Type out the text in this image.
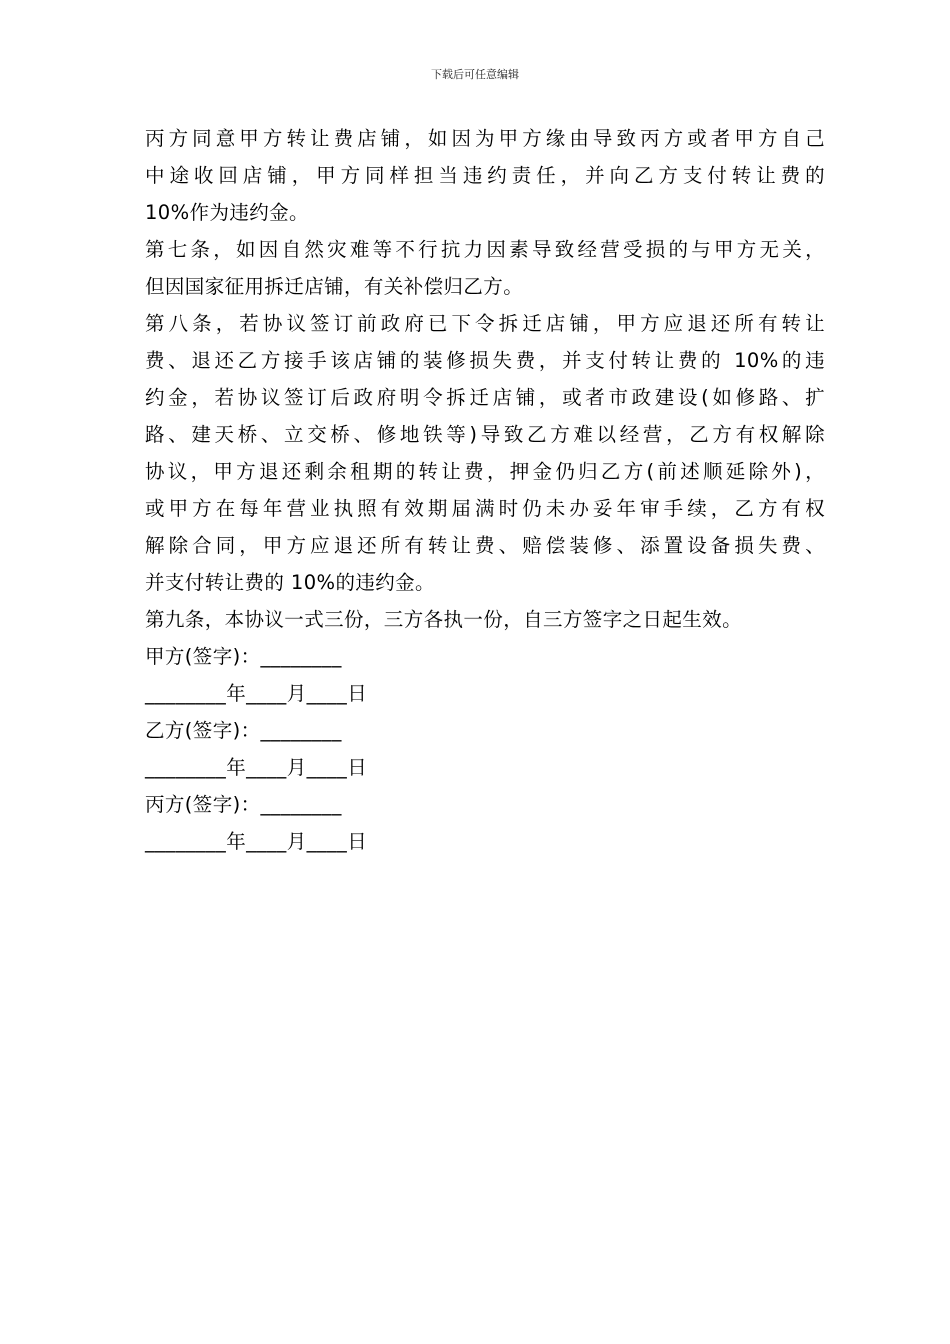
下载后可任意编辑
丙方同意甲方转让费店铺，如因为甲方缘由导致丙方或者甲方自己
中途收回店铺，甲方同样担当违约责任，并向乙方支付转让费的
10%作为违约金。
第七条，如因自然灾难等不行抗力因素导致经营受损的与甲方无关，
但因国家征用拆迁店铺，有关补偿归乙方。
第八条，若协议签订前政府已下令拆迁店铺，甲方应退还所有转让
费、退还乙方接手该店铺的装修损失费，并支付转让费的 10%的违
约金，若协议签订后政府明令拆迁店铺，或者市政建设(如修路、扩
路、建天桥、立交桥、修地铁等)导致乙方难以经营，乙方有权解除
协议，甲方退还剩余租期的转让费，押金仍归乙方(前述顺延除外)，
或甲方在每年营业执照有效期届满时仍未办妥年审手续，乙方有权
解除合同，甲方应退还所有转让费、赔偿装修、添置设备损失费、
并支付转让费的 10%的违约金。
第九条，本协议一式三份，三方各执一份，自三方签字之日起生效。
甲方(签字)：________
________年____月____日
乙方(签字)：________
________年____月____日
丙方(签字)：________
________年____月____日
